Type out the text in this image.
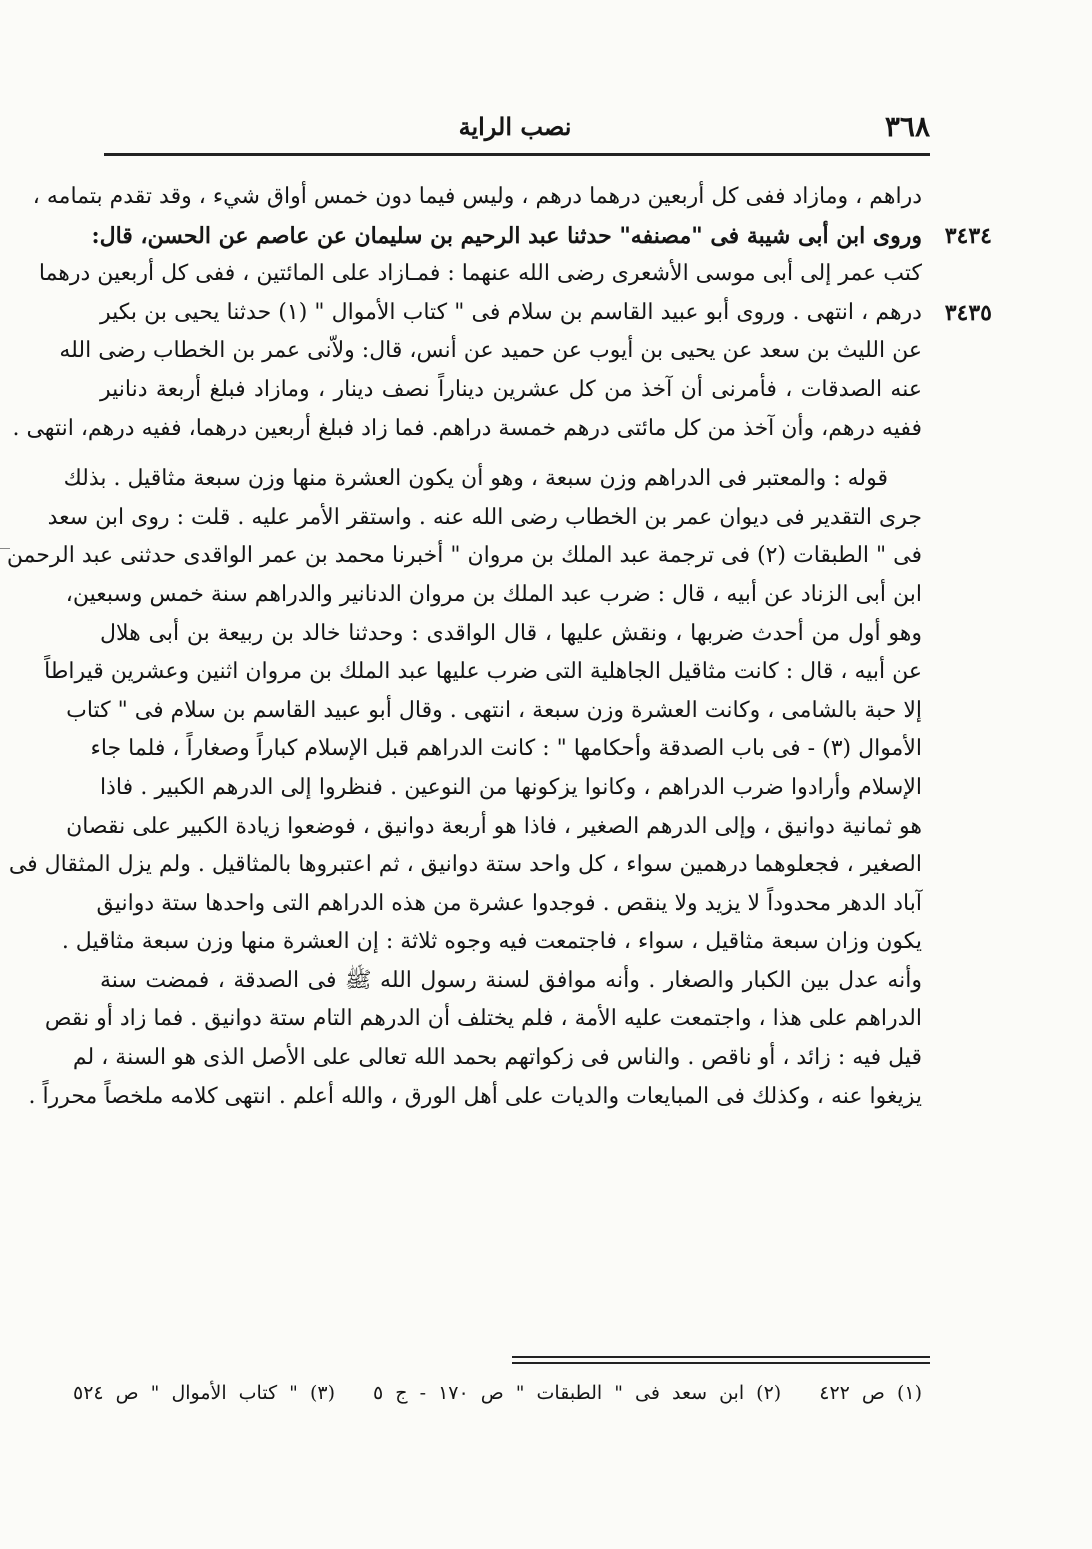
٣٦٨
نصب الراية
دراهم ، ومازاد ففى كل أربعين درهما درهم ، وليس فيما دون خمس أواق شيء ، وقد تقدم بتمامه ،
٣٤٣٤
وروى ابن أبى شيبة فى "مصنفه" حدثنا عبد الرحيم بن سليمان عن عاصم عن الحسن، قال:
كتب عمر إلى أبى موسى الأشعرى رضى الله عنهما : فمـازاد على المائتين ، ففى كل أربعين درهما
٣٤٣٥
درهم ، انتهى . وروى أبو عبيد القاسم بن سلام فى " كتاب الأموال " (١) حدثنا يحيى بن بكير
عن الليث بن سعد عن يحيى بن أيوب عن حميد عن أنس، قال: ولاّنى عمر بن الخطاب رضى الله
عنه الصدقات ، فأمرنى أن آخذ من كل عشرين ديناراً نصف دينار ، ومازاد فبلغ أربعة دنانير
ففيه درهم، وأن آخذ من كل مائتى درهم خمسة دراهم. فما زاد فبلغ أربعين درهما، ففيه درهم، انتهى .
قوله : والمعتبر فى الدراهم وزن سبعة ، وهو أن يكون العشرة منها وزن سبعة مثاقيل . بذلك
جرى التقدير فى ديوان عمر بن الخطاب رضى الله عنه . واستقر الأمر عليه . قلت : روى ابن سعد
فى " الطبقات (٢) فى ترجمة عبد الملك بن مروان " أخبرنا محمد بن عمر الواقدى حدثنى عبد الرحمن
ابن أبى الزناد عن أبيه ، قال : ضرب عبد الملك بن مروان الدنانير والدراهم سنة خمس وسبعين،
وهو أول من أحدث ضربها ، ونقش عليها ، قال الواقدى : وحدثنا خالد بن ربيعة بن أبى هلال
عن أبيه ، قال : كانت مثاقيل الجاهلية التى ضرب عليها عبد الملك بن مروان اثنين وعشرين قيراطاً
إلا حبة بالشامى ، وكانت العشرة وزن سبعة ، انتهى . وقال أبو عبيد القاسم بن سلام فى " كتاب
الأموال (٣) - فى باب الصدقة وأحكامها " : كانت الدراهم قبل الإسلام كباراً وصغاراً ، فلما جاء
الإسلام وأرادوا ضرب الدراهم ، وكانوا يزكونها من النوعين . فنظروا إلى الدرهم الكبير . فاذا
هو ثمانية دوانيق ، وإلى الدرهم الصغير ، فاذا هو أربعة دوانيق ، فوضعوا زيادة الكبير على نقصان
الصغير ، فجعلوهما درهمين سواء ، كل واحد ستة دوانيق ، ثم اعتبروها بالمثاقيل . ولم يزل المثقال فى
آباد الدهر محدوداً لا يزيد ولا ينقص . فوجدوا عشرة من هذه الدراهم التى واحدها ستة دوانيق
يكون وزان سبعة مثاقيل ، سواء ، فاجتمعت فيه وجوه ثلاثة : إن العشرة منها وزن سبعة مثاقيل .
وأنه عدل بين الكبار والصغار . وأنه موافق لسنة رسول الله ﷺ فى الصدقة ، فمضت سنة
الدراهم على هذا ، واجتمعت عليه الأمة ، فلم يختلف أن الدرهم التام ستة دوانيق . فما زاد أو نقص
قيل فيه : زائد ، أو ناقص . والناس فى زكواتهم بحمد الله تعالى على الأصل الذى هو السنة ، لم
يزيغوا عنه ، وكذلك فى المبايعات والديات على أهل الورق ، والله أعلم . انتهى كلامه ملخصاً محرراً .
(١) ص ٤٢٢ (٢) ابن سعد فى " الطبقات " ص ١٧٠ - ج ٥ (٣) " كتاب الأموال " ص ٥٢٤
